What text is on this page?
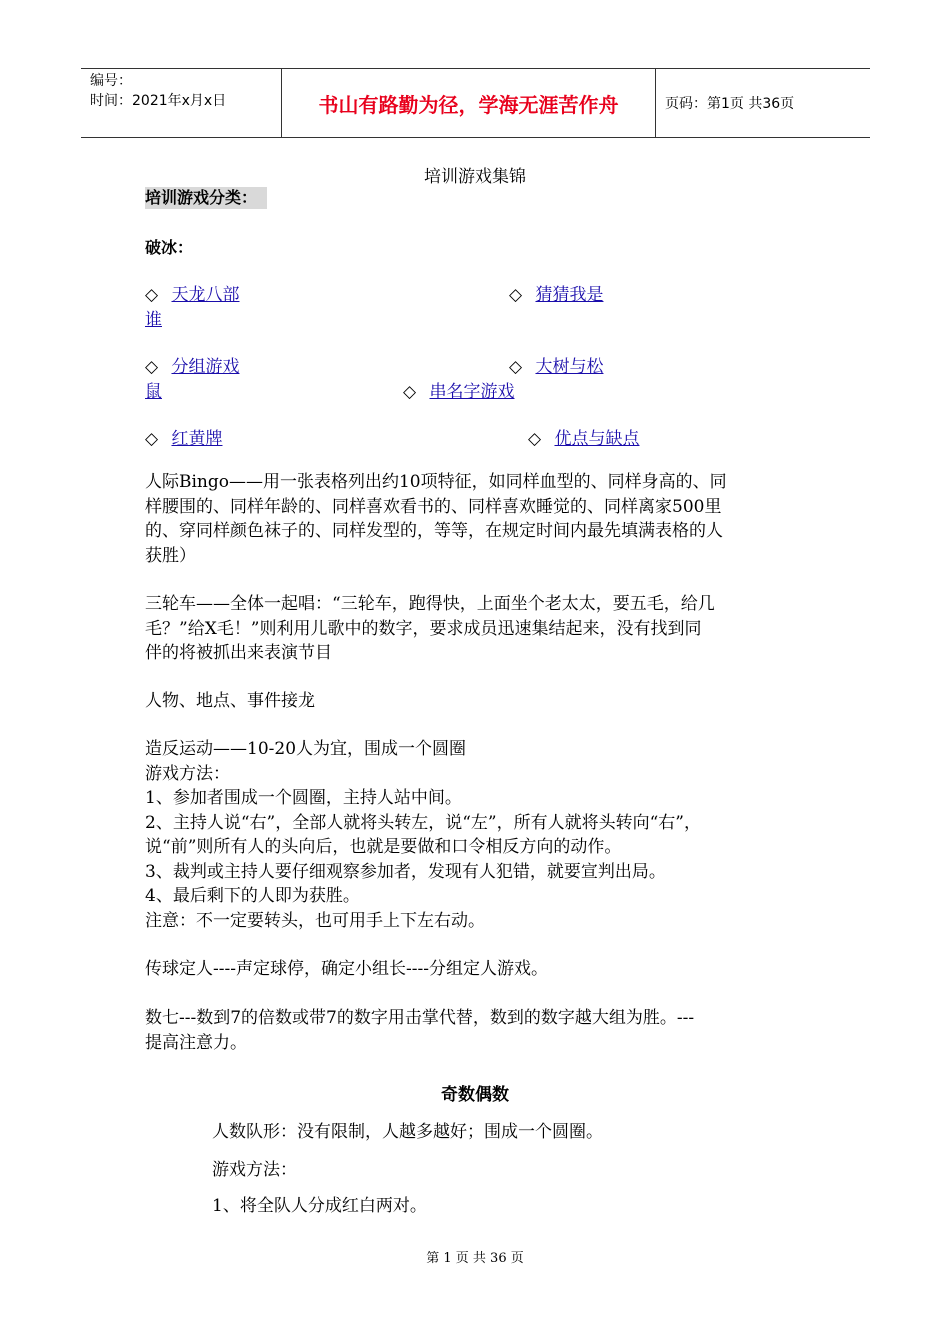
编号：
时间：2021年x月x日	书山有路勤为径，学海无涯苦作舟	页码：第1页 共36页
培训游戏集锦
培训游戏分类：
破冰：
◇ 天龙八部	◇ 猜猜我是
谁
◇ 分组游戏	◇ 大树与松
鼠	◇ 串名字游戏
◇ 红黄牌	◇ 优点与缺点
人际Bingo——用一张表格列出约10项特征，如同样血型的、同样身高的、同
样腰围的、同样年龄的、同样喜欢看书的、同样喜欢睡觉的、同样离家500里
的、穿同样颜色袜子的、同样发型的，等等，在规定时间内最先填满表格的人
获胜）
三轮车——全体一起唱：“三轮车，跑得快，上面坐个老太太，要五毛，给几
毛？”给X毛！”则利用儿歌中的数字，要求成员迅速集结起来，没有找到同
伴的将被抓出来表演节目
人物、地点、事件接龙
造反运动——10-20人为宜，围成一个圆圈
游戏方法：
1、参加者围成一个圆圈，主持人站中间。
2、主持人说“右”，全部人就将头转左，说“左”，所有人就将头转向“右”，
说“前”则所有人的头向后，也就是要做和口令相反方向的动作。
3、裁判或主持人要仔细观察参加者，发现有人犯错，就要宣判出局。
4、最后剩下的人即为获胜。
注意：不一定要转头，也可用手上下左右动。
传球定人----声定球停，确定小组长----分组定人游戏。
数七---数到7的倍数或带7的数字用击掌代替，数到的数字越大组为胜。---
提高注意力。
奇数偶数
人数队形：没有限制，人越多越好；围成一个圆圈。
游戏方法：
1、将全队人分成红白两对。
第 1 页 共 36 页
